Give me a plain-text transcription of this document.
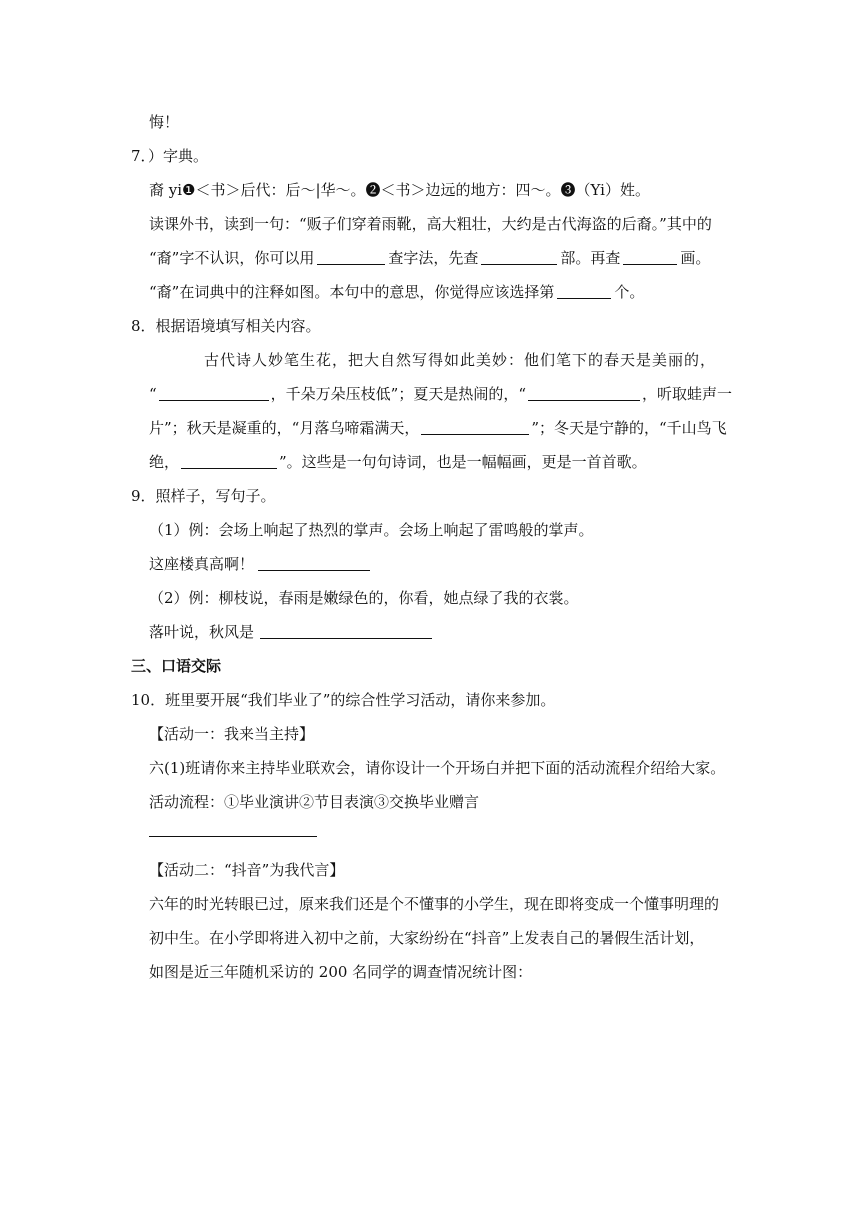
悔！
7．）字典。
裔 yi❶＜书＞后代：后～|华～。❷＜书＞边远的地方：四～。❸（Yi）姓。
读课外书，读到一句：“贩子们穿着雨靴，高大粗壮，大约是古代海盗的后裔。”其中的
“裔”字不认识，你可以用	查字法，先查	部。再查	画。
“裔”在词典中的注释如图。本句中的意思，你觉得应该选择第	个。
8．根据语境填写相关内容。
古代诗人妙笔生花，把大自然写得如此美妙：他们笔下的春天是美丽的，
“	，千朵万朵压枝低”；夏天是热闹的，“	，听取蛙声一
片”；秋天是凝重的，“月落乌啼霜满天，	”；冬天是宁静的，“千山鸟飞
绝，	”。这些是一句句诗词，也是一幅幅画，更是一首首歌。
9．照样子，写句子。
（1）例：会场上响起了热烈的掌声。会场上响起了雷鸣般的掌声。
这座楼真高啊！
（2）例：柳枝说，春雨是嫩绿色的，你看，她点绿了我的衣裳。
落叶说，秋风是
三、口语交际
10．班里要开展“我们毕业了”的综合性学习活动，请你来参加。
【活动一：我来当主持】
六(1)班请你来主持毕业联欢会，请你设计一个开场白并把下面的活动流程介绍给大家。
活动流程：①毕业演讲②节目表演③交换毕业赠言
【活动二：“抖音”为我代言】
六年的时光转眼已过，原来我们还是个不懂事的小学生，现在即将变成一个懂事明理的
初中生。在小学即将进入初中之前，大家纷纷在“抖音”上发表自己的暑假生活计划，
如图是近三年随机采访的 200 名同学的调查情况统计图：
